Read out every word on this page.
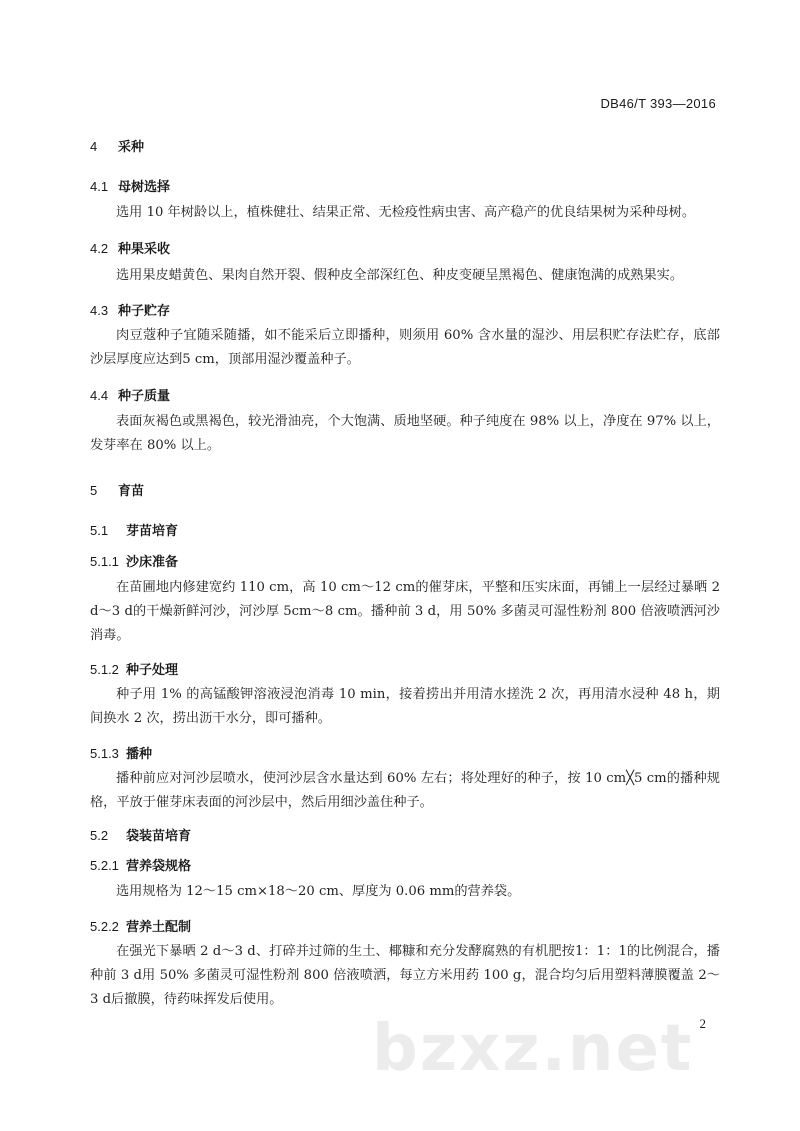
DB46/T 393—2016
4 采种
4.1 母树选择
选用 10 年树龄以上，植株健壮、结果正常、无检疫性病虫害、高产稳产的优良结果树为采种母树。
4.2 种果采收
选用果皮蜡黄色、果肉自然开裂、假种皮全部深红色、种皮变硬呈黑褐色、健康饱满的成熟果实。
4.3 种子贮存
肉豆蔻种子宜随采随播，如不能采后立即播种，则须用 60% 含水量的湿沙、用层积贮存法贮存，底部沙层厚度应达到5 cm，顶部用湿沙覆盖种子。
4.4 种子质量
表面灰褐色或黑褐色，较光滑油亮，个大饱满、质地坚硬。种子纯度在 98% 以上，净度在 97% 以上，发芽率在 80% 以上。
5 育苗
5.1 芽苗培育
5.1.1 沙床准备
在苗圃地内修建宽约 110 cm，高 10 cm～12 cm的催芽床，平整和压实床面，再铺上一层经过暴晒 2 d～3 d的干燥新鲜河沙，河沙厚 5cm～8 cm。播种前 3 d，用 50% 多菌灵可湿性粉剂 800 倍液喷洒河沙消毒。
5.1.2 种子处理
种子用 1% 的高锰酸钾溶液浸泡消毒 10 min，接着捞出并用清水搓洗 2 次，再用清水浸种 48 h，期间换水 2 次，捞出沥干水分，即可播种。
5.1.3 播种
播种前应对河沙层喷水，使河沙层含水量达到 60% 左右；将处理好的种子，按 10 cm╳5 cm的播种规格，平放于催芽床表面的河沙层中，然后用细沙盖住种子。
5.2 袋装苗培育
5.2.1 营养袋规格
选用规格为 12～15 cm×18～20 cm、厚度为 0.06 mm的营养袋。
5.2.2 营养土配制
在强光下暴晒 2 d～3 d、打碎并过筛的生土、椰糠和充分发酵腐熟的有机肥按1：1：1的比例混合，播种前 3 d用 50% 多菌灵可湿性粉剂 800 倍液喷洒，每立方米用药 100 g，混合均匀后用塑料薄膜覆盖 2～3 d后撤膜，待药味挥发后使用。
bzxz.net 2
